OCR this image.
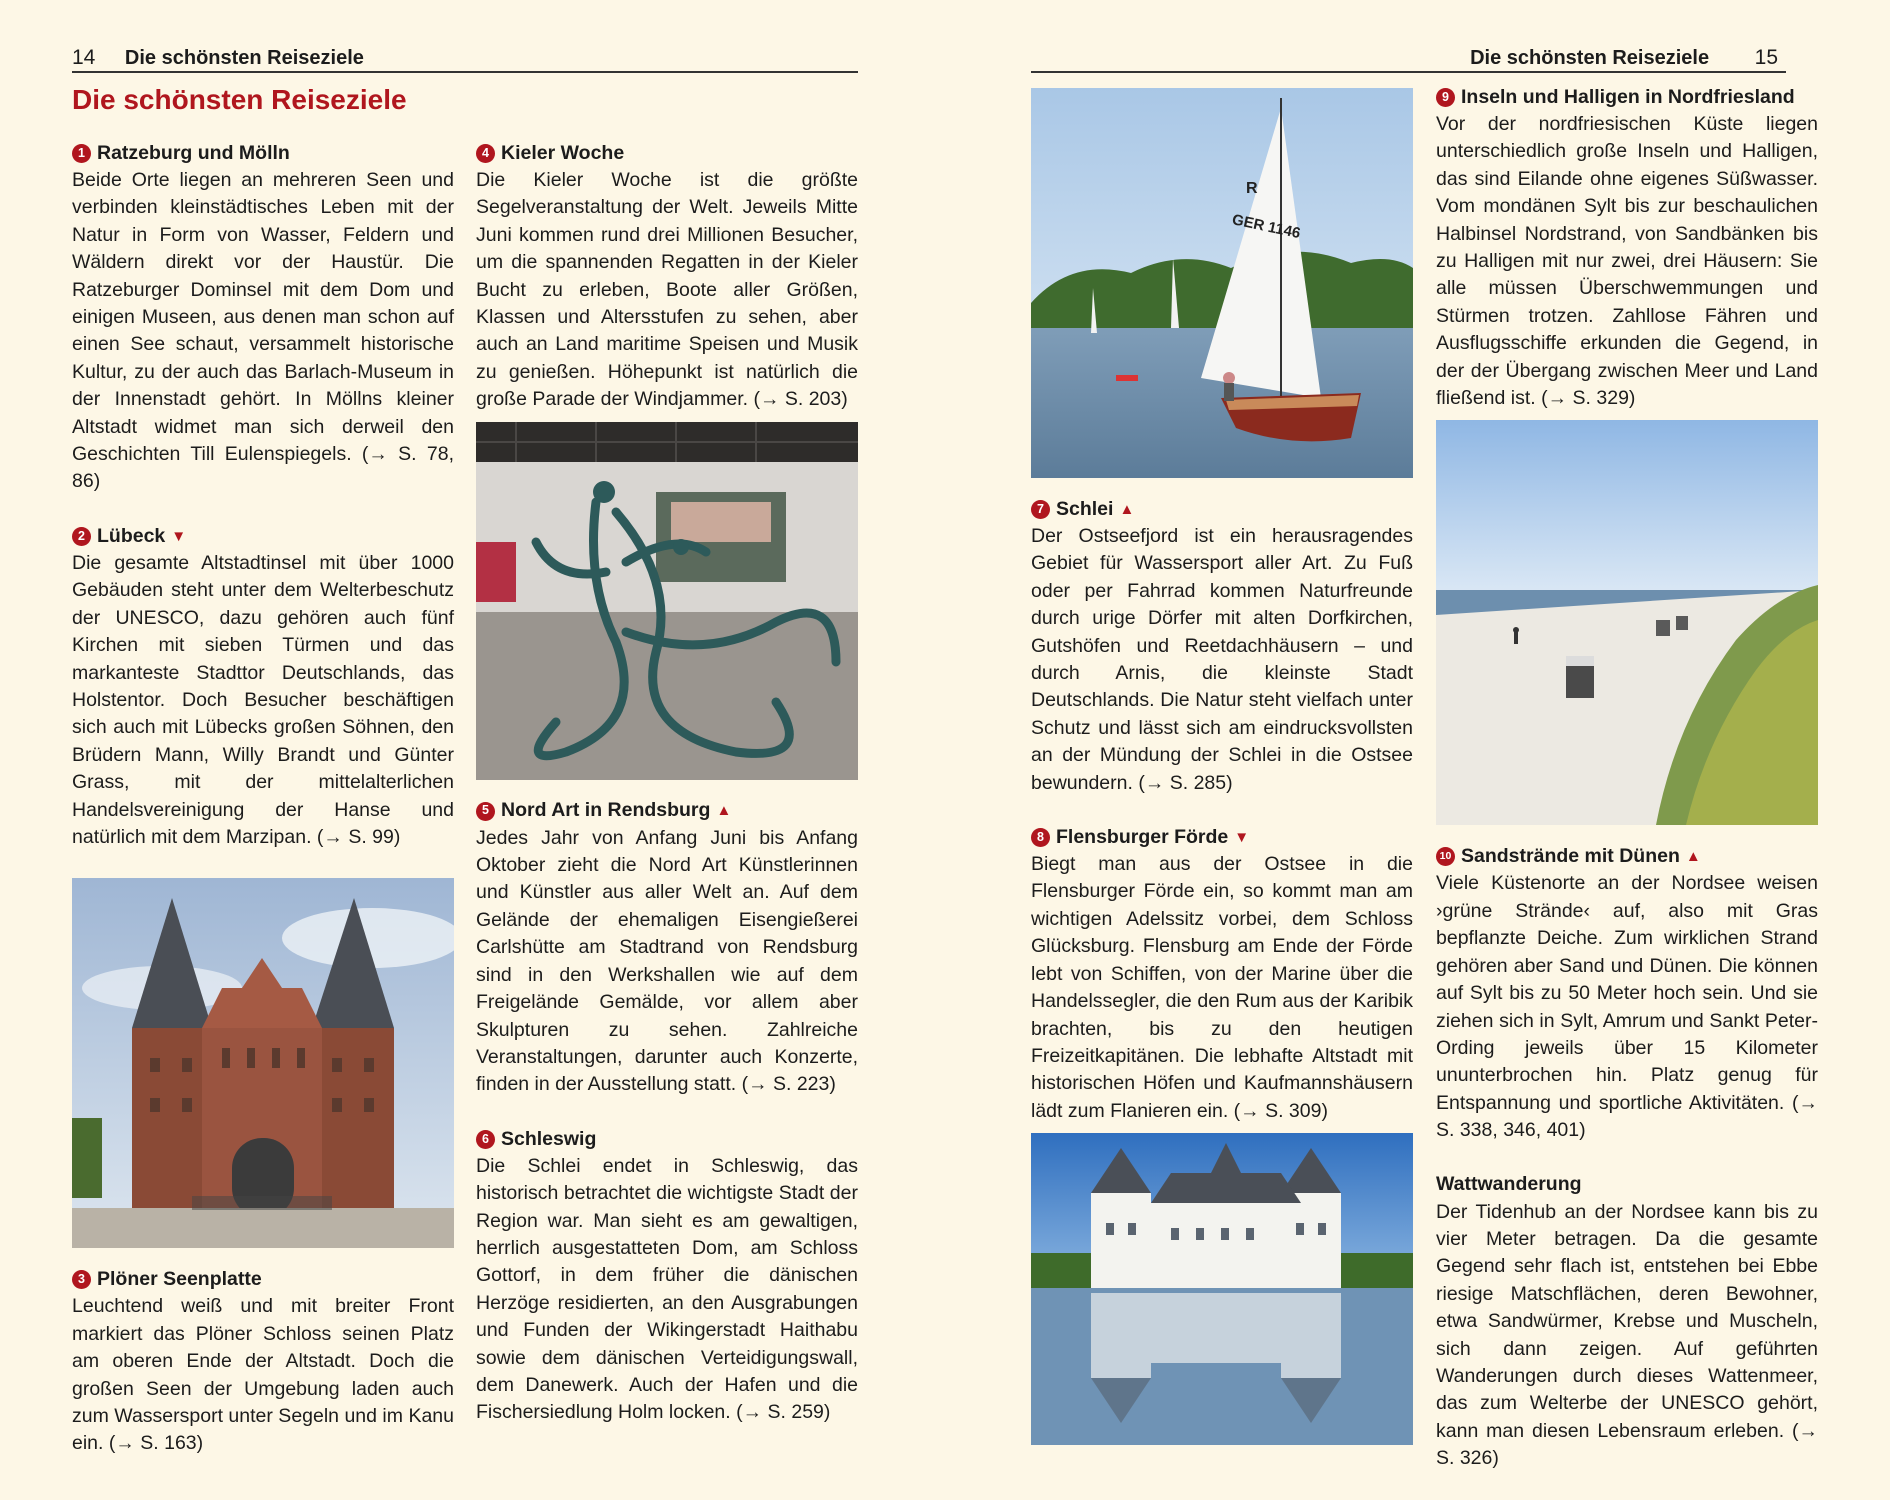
14 Die schönsten Reiseziele
Die schönsten Reiseziele
1 Ratzeburg und Mölln

Beide Orte liegen an mehreren Seen und verbinden kleinstädtisches Leben mit der Natur in Form von Wasser, Feldern und Wäldern direkt vor der Haustür. Die Ratzeburger Dominsel mit dem Dom und einigen Museen, aus denen man schon auf einen See schaut, versammelt historische Kultur, zu der auch das Barlach-Museum in der Innenstadt gehört. In Möllns kleiner Altstadt widmet man sich derweil den Geschichten Till Eulenspiegels. (→ S. 78, 86)

2 Lübeck ▼

Die gesamte Altstadtinsel mit über 1000 Gebäuden steht unter dem Welterbeschutz der UNESCO, dazu gehören auch fünf Kirchen mit sieben Türmen und das markanteste Stadttor Deutschlands, das Holstentor. Doch Besucher beschäftigen sich auch mit Lübecks großen Söhnen, den Brüdern Mann, Willy Brandt und Günter Grass, mit der mittelalterlichen Handelsvereinigung der Hanse und natürlich mit dem Marzipan. (→ S. 99)

3 Plöner Seenplatte

Leuchtend weiß und mit breiter Front markiert das Plöner Schloss seinen Platz am oberen Ende der Altstadt. Doch die großen Seen der Umgebung laden auch zum Wassersport unter Segeln und im Kanu ein. (→ S. 163)

4 Kieler Woche

Die Kieler Woche ist die größte Segelveranstaltung der Welt. Jeweils Mitte Juni kommen rund drei Millionen Besucher, um die spannenden Regatten in der Kieler Bucht zu erleben, Boote aller Größen, Klassen und Altersstufen zu sehen, aber auch an Land maritime Speisen und Musik zu genießen. Höhepunkt ist natürlich die große Parade der Windjammer. (→ S. 203)

5 Nord Art in Rendsburg ▲

Jedes Jahr von Anfang Juni bis Anfang Oktober zieht die Nord Art Künstlerinnen und Künstler aus aller Welt an. Auf dem Gelände der ehemaligen Eisengießerei Carlshütte am Stadtrand von Rendsburg sind in den Werkshallen wie auf dem Freigelände Gemälde, vor allem aber Skulpturen zu sehen. Zahlreiche Veranstaltungen, darunter auch Konzerte, finden in der Ausstellung statt. (→ S. 223)

6 Schleswig

Die Schlei endet in Schleswig, das historisch betrachtet die wichtigste Stadt der Region war. Man sieht es am gewaltigen, herrlich ausgestatteten Dom, am Schloss Gottorf, in dem früher die dänischen Herzöge residierten, an den Ausgrabungen und Funden der Wikingerstadt Haithabu sowie dem dänischen Verteidigungswall, dem Danewerk. Auch der Hafen und die Fischersiedlung Holm locken. (→ S. 259)

Die schönsten Reiseziele 15
R
GER 1146
7 Schlei ▲

Der Ostseefjord ist ein herausragendes Gebiet für Wassersport aller Art. Zu Fuß oder per Fahrrad kommen Naturfreunde durch urige Dörfer mit alten Dorfkirchen, Gutshöfen und Reetdachhäusern – und durch Arnis, die kleinste Stadt Deutschlands. Die Natur steht vielfach unter Schutz und lässt sich am eindrucksvollsten an der Mündung der Schlei in die Ostsee bewundern. (→ S. 285)

8 Flensburger Förde ▼

Biegt man aus der Ostsee in die Flensburger Förde ein, so kommt man am wichtigen Adelssitz vorbei, dem Schloss Glücksburg. Flensburg am Ende der Förde lebt von Schiffen, von der Marine über die Handelssegler, die den Rum aus der Karibik brachten, bis zu den heutigen Freizeitkapitänen. Die lebhafte Altstadt mit historischen Höfen und Kaufmannshäusern lädt zum Flanieren ein. (→ S. 309)

9 Inseln und Halligen in Nordfriesland

Vor der nordfriesischen Küste liegen unterschiedlich große Inseln und Halligen, das sind Eilande ohne eigenes Süßwasser. Vom mondänen Sylt bis zur beschaulichen Halbinsel Nordstrand, von Sandbänken bis zu Halligen mit nur zwei, drei Häusern: Sie alle müssen Überschwemmungen und Stürmen trotzen. Zahllose Fähren und Ausflugsschiffe erkunden die Gegend, in der der Übergang zwischen Meer und Land fließend ist. (→ S. 329)

10 Sandstrände mit Dünen ▲

Viele Küstenorte an der Nordsee weisen ›grüne Strände‹ auf, also mit Gras bepflanzte Deiche. Zum wirklichen Strand gehören aber Sand und Dünen. Die können auf Sylt bis zu 50 Meter hoch sein. Und sie ziehen sich in Sylt, Amrum und Sankt Peter-Ording jeweils über 15 Kilometer ununterbrochen hin. Platz genug für Entspannung und sportliche Aktivitäten. (→ S. 338, 346, 401)

Wattwanderung

Der Tidenhub an der Nordsee kann bis zu vier Meter betragen. Da die gesamte Gegend sehr flach ist, entstehen bei Ebbe riesige Matschflächen, deren Bewohner, etwa Sandwürmer, Krebse und Muscheln, sich dann zeigen. Auf geführten Wanderungen durch dieses Wattenmeer, das zum Welterbe der UNESCO gehört, kann man diesen Lebensraum erleben. (→ S. 326)
